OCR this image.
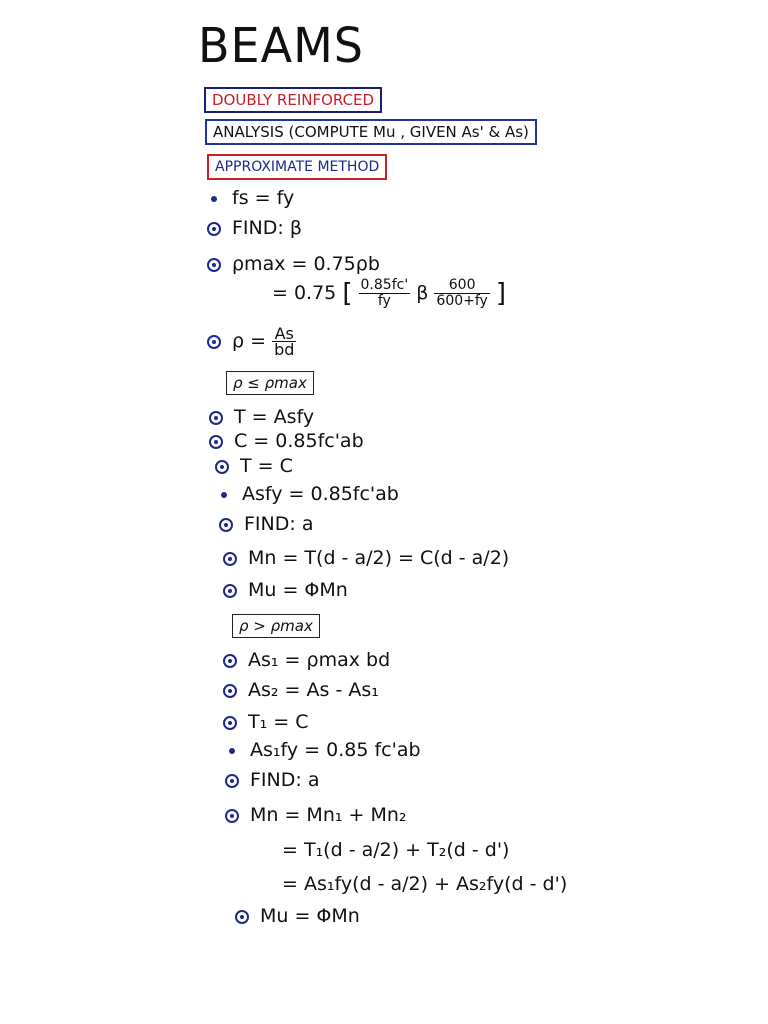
BEAMS
DOUBLY REINFORCED
ANALYSIS (COMPUTE Mu , GIVEN As' & As)
APPROXIMATE METHOD
fs = fy
FIND: β
ρmax = 0.75ρb
= 0.75 [ $\frac{0.85fc'}{fy}$ β $\frac{600}{600+fy}$ ]
$\rho = \frac{As}{bd}$
ρ ≤ ρmax
T = Asfy
C = 0.85fc'ab
T = C
Asfy = 0.85fc'ab
FIND: a
Mn = T(d - a/2) = C(d - a/2)
Mu = ΦMn
ρ > ρmax
As₁ = ρmax bd
As₂ = As - As₁
T₁ = C
As₁fy = 0.85 fc'ab
FIND: a
Mn = Mn₁ + Mn₂
= T₁(d - a/2) + T₂(d - d')
= As₁fy(d - a/2) + As₂fy(d - d')
Mu = ΦMn
